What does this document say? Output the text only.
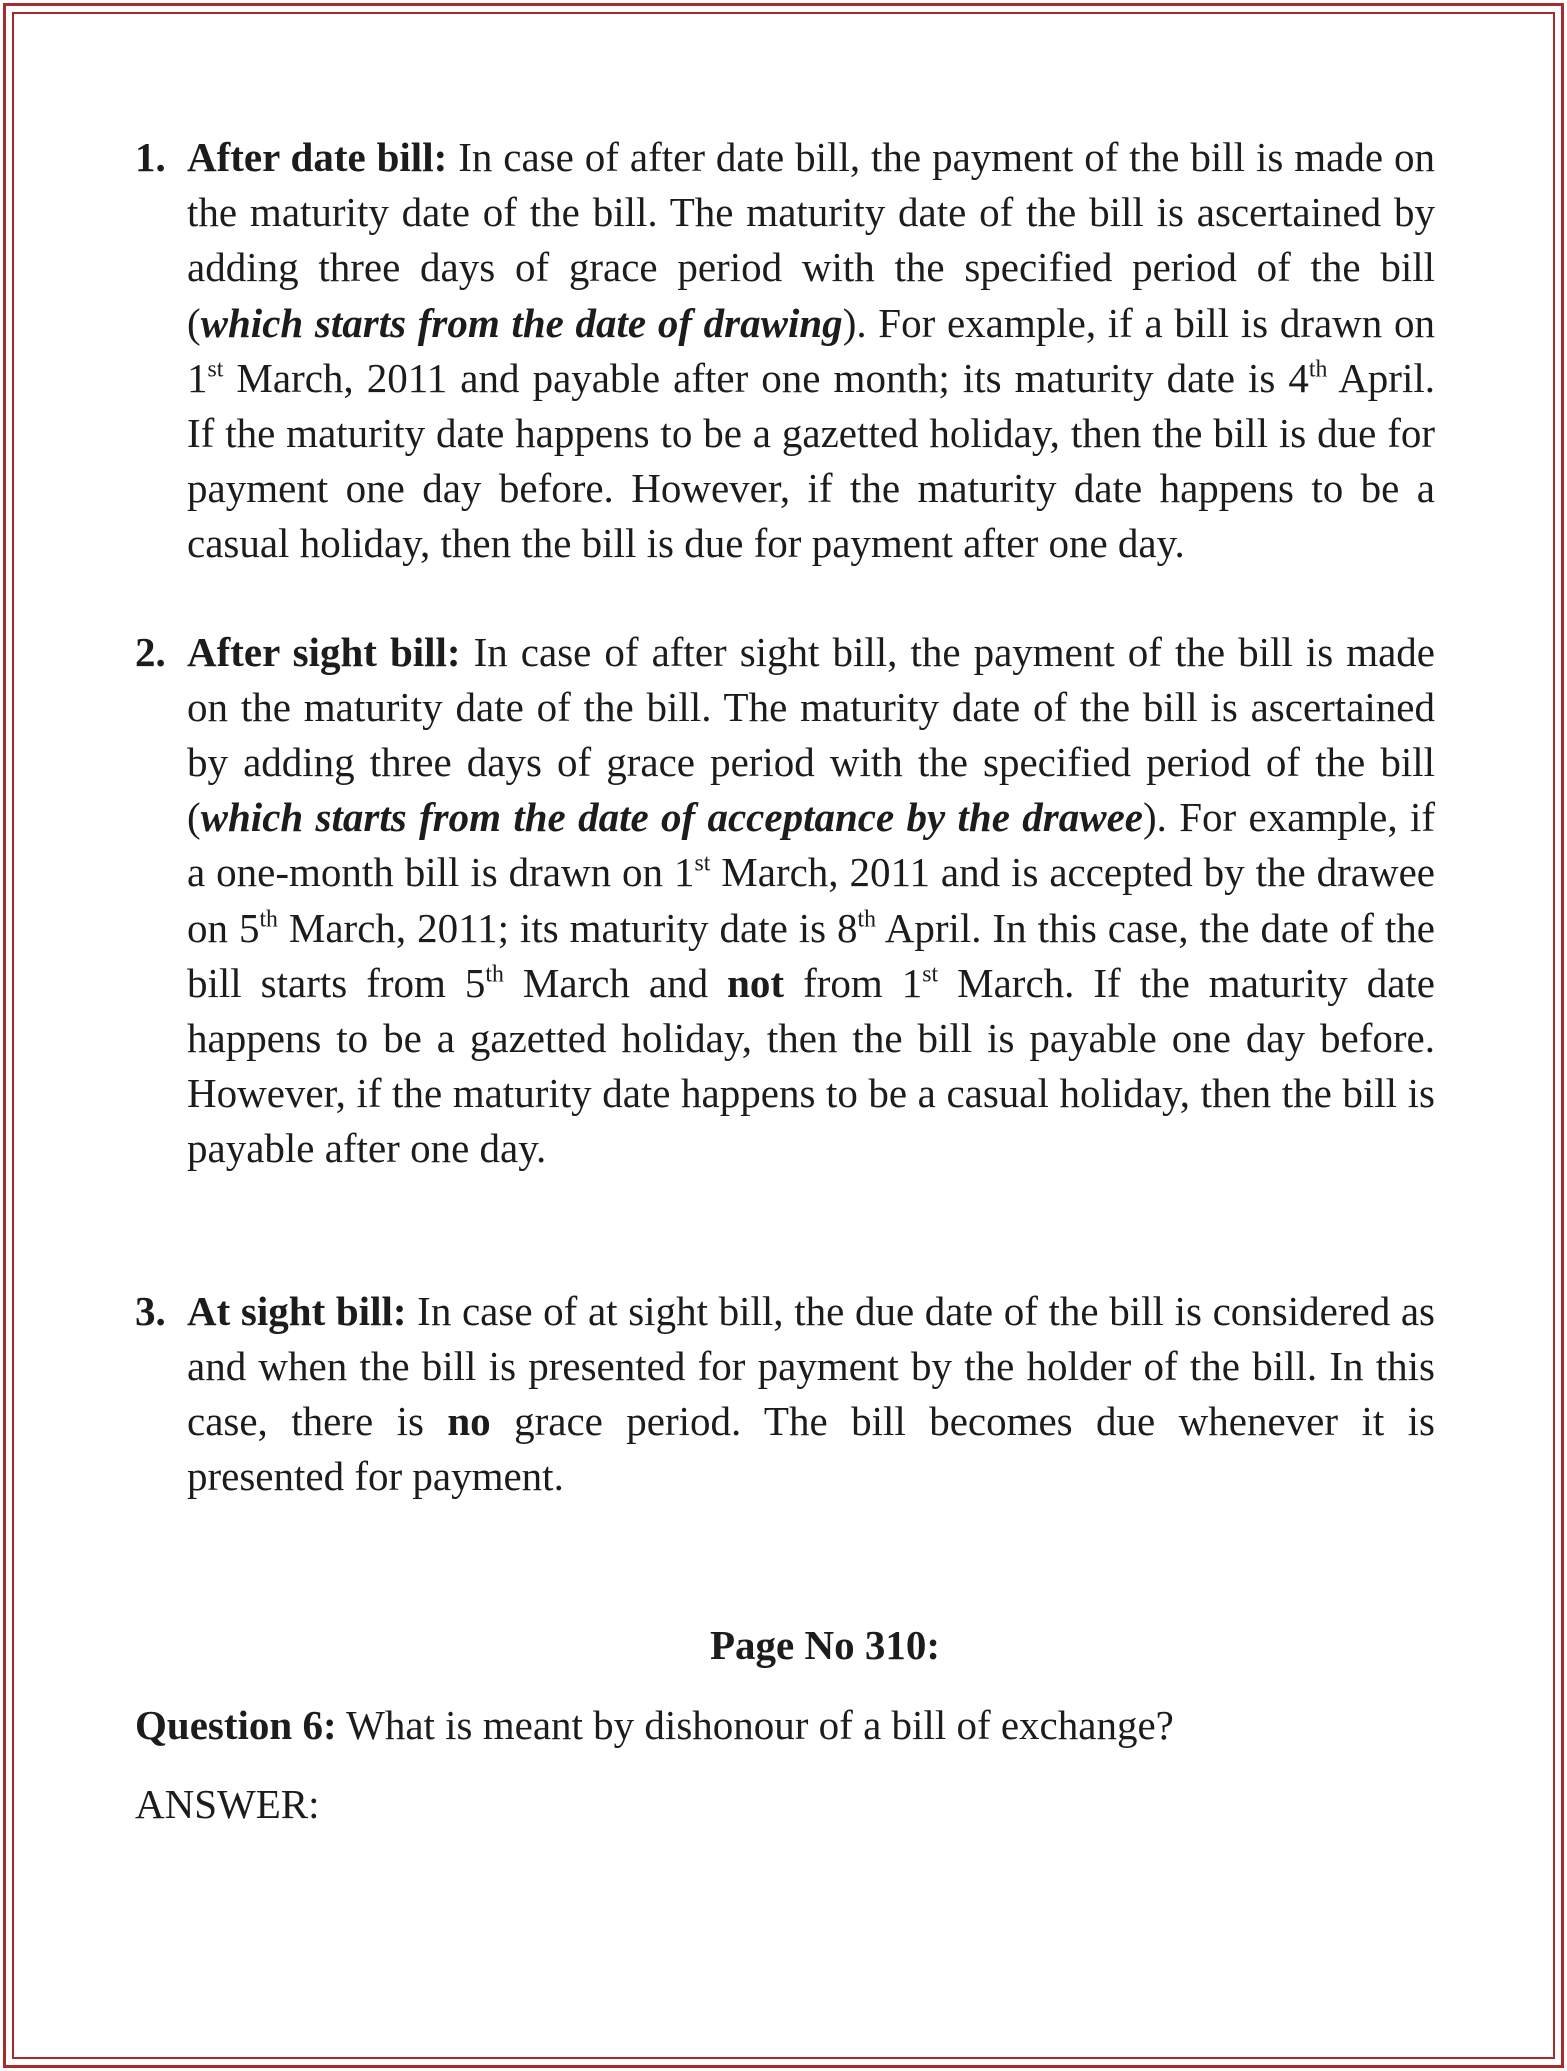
1. After date bill: In case of after date bill, the payment of the bill is made on the maturity date of the bill. The maturity date of the bill is ascertained by adding three days of grace period with the specified period of the bill (which starts from the date of drawing). For example, if a bill is drawn on 1st March, 2011 and payable after one month; its maturity date is 4th April. If the maturity date happens to be a gazetted holiday, then the bill is due for payment one day before. However, if the maturity date happens to be a casual holiday, then the bill is due for payment after one day.
2. After sight bill: In case of after sight bill, the payment of the bill is made on the maturity date of the bill. The maturity date of the bill is ascertained by adding three days of grace period with the specified period of the bill (which starts from the date of acceptance by the drawee). For example, if a one-month bill is drawn on 1st March, 2011 and is accepted by the drawee on 5th March, 2011; its maturity date is 8th April. In this case, the date of the bill starts from 5th March and not from 1st March. If the maturity date happens to be a gazetted holiday, then the bill is payable one day before. However, if the maturity date happens to be a casual holiday, then the bill is payable after one day.
3. At sight bill: In case of at sight bill, the due date of the bill is considered as and when the bill is presented for payment by the holder of the bill. In this case, there is no grace period. The bill becomes due whenever it is presented for payment.
Page No 310:
Question 6: What is meant by dishonour of a bill of exchange?
ANSWER:
